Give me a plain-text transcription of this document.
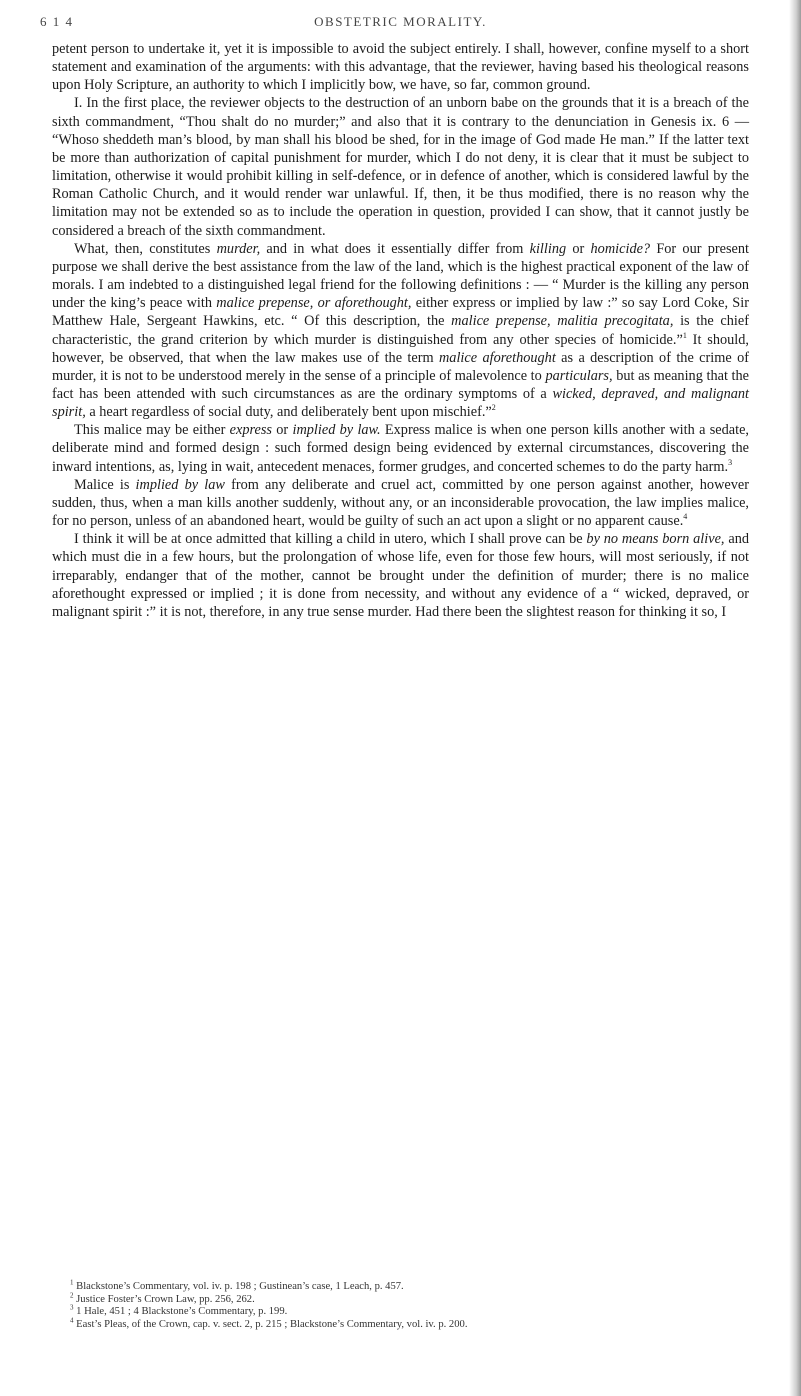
6 1 4	OBSTETRIC MORALITY.

petent person to undertake it, yet it is impossible to avoid the subject entirely. I shall, however, confine myself to a short statement and examination of the arguments: with this advantage, that the reviewer, having based his theological reasons upon Holy Scripture, an authority to which I implicitly bow, we have, so far, common ground.

I. In the first place, the reviewer objects to the destruction of an unborn babe on the grounds that it is a breach of the sixth commandment, “Thou shalt do no murder;” and also that it is contrary to the denunciation in Genesis ix. 6 — “Whoso sheddeth man’s blood, by man shall his blood be shed, for in the image of God made He man.” If the latter text be more than authorization of capital punishment for murder, which I do not deny, it is clear that it must be subject to limitation, otherwise it would prohibit killing in self-defence, or in defence of another, which is considered lawful by the Roman Catholic Church, and it would render war unlawful. If, then, it be thus modified, there is no reason why the limitation may not be extended so as to include the operation in question, provided I can show, that it cannot justly be considered a breach of the sixth commandment.

What, then, constitutes murder, and in what does it essentially differ from killing or homicide? For our present purpose we shall derive the best assistance from the law of the land, which is the highest practical exponent of the law of morals. I am indebted to a distinguished legal friend for the following definitions : — “ Murder is the killing any person under the king’s peace with malice prepense, or aforethought, either express or implied by law :” so say Lord Coke, Sir Matthew Hale, Sergeant Hawkins, etc. “ Of this description, the malice prepense, malitia precogitata, is the chief characteristic, the grand criterion by which murder is distinguished from any other species of homicide.”$^1$ It should, however, be observed, that when the law makes use of the term malice aforethought as a description of the crime of murder, it is not to be understood merely in the sense of a principle of malevolence to particulars, but as meaning that the fact has been attended with such circumstances as are the ordinary symptoms of a wicked, depraved, and malignant spirit, a heart regardless of social duty, and deliberately bent upon mischief.”$^2$

This malice may be either express or implied by law. Express malice is when one person kills another with a sedate, deliberate mind and formed design : such formed design being evidenced by external circumstances, discovering the inward intentions, as, lying in wait, antecedent menaces, former grudges, and concerted schemes to do the party harm.$^3$

Malice is implied by law from any deliberate and cruel act, committed by one person against another, however sudden, thus, when a man kills another suddenly, without any, or an inconsiderable provocation, the law implies malice, for no person, unless of an abandoned heart, would be guilty of such an act upon a slight or no apparent cause.$^4$

I think it will be at once admitted that killing a child in utero, which I shall prove can be by no means born alive, and which must die in a few hours, but the prolongation of whose life, even for those few hours, will most seriously, if not irreparably, endanger that of the mother, cannot be brought under the definition of murder; there is no malice aforethought expressed or implied ; it is done from necessity, and without any evidence of a “ wicked, depraved, or malignant spirit :” it is not, therefore, in any true sense murder. Had there been the slightest reason for thinking it so, I

$^1$ Blackstone’s Commentary, vol. iv. p. 198 ; Gustinean’s case, 1 Leach, p. 457.

$^2$ Justice Foster’s Crown Law, pp. 256, 262.

$^3$ 1 Hale, 451 ; 4 Blackstone’s Commentary, p. 199.

$^4$ East’s Pleas, of the Crown, cap. v. sect. 2, p. 215 ; Blackstone’s Commentary, vol. iv. p. 200.
